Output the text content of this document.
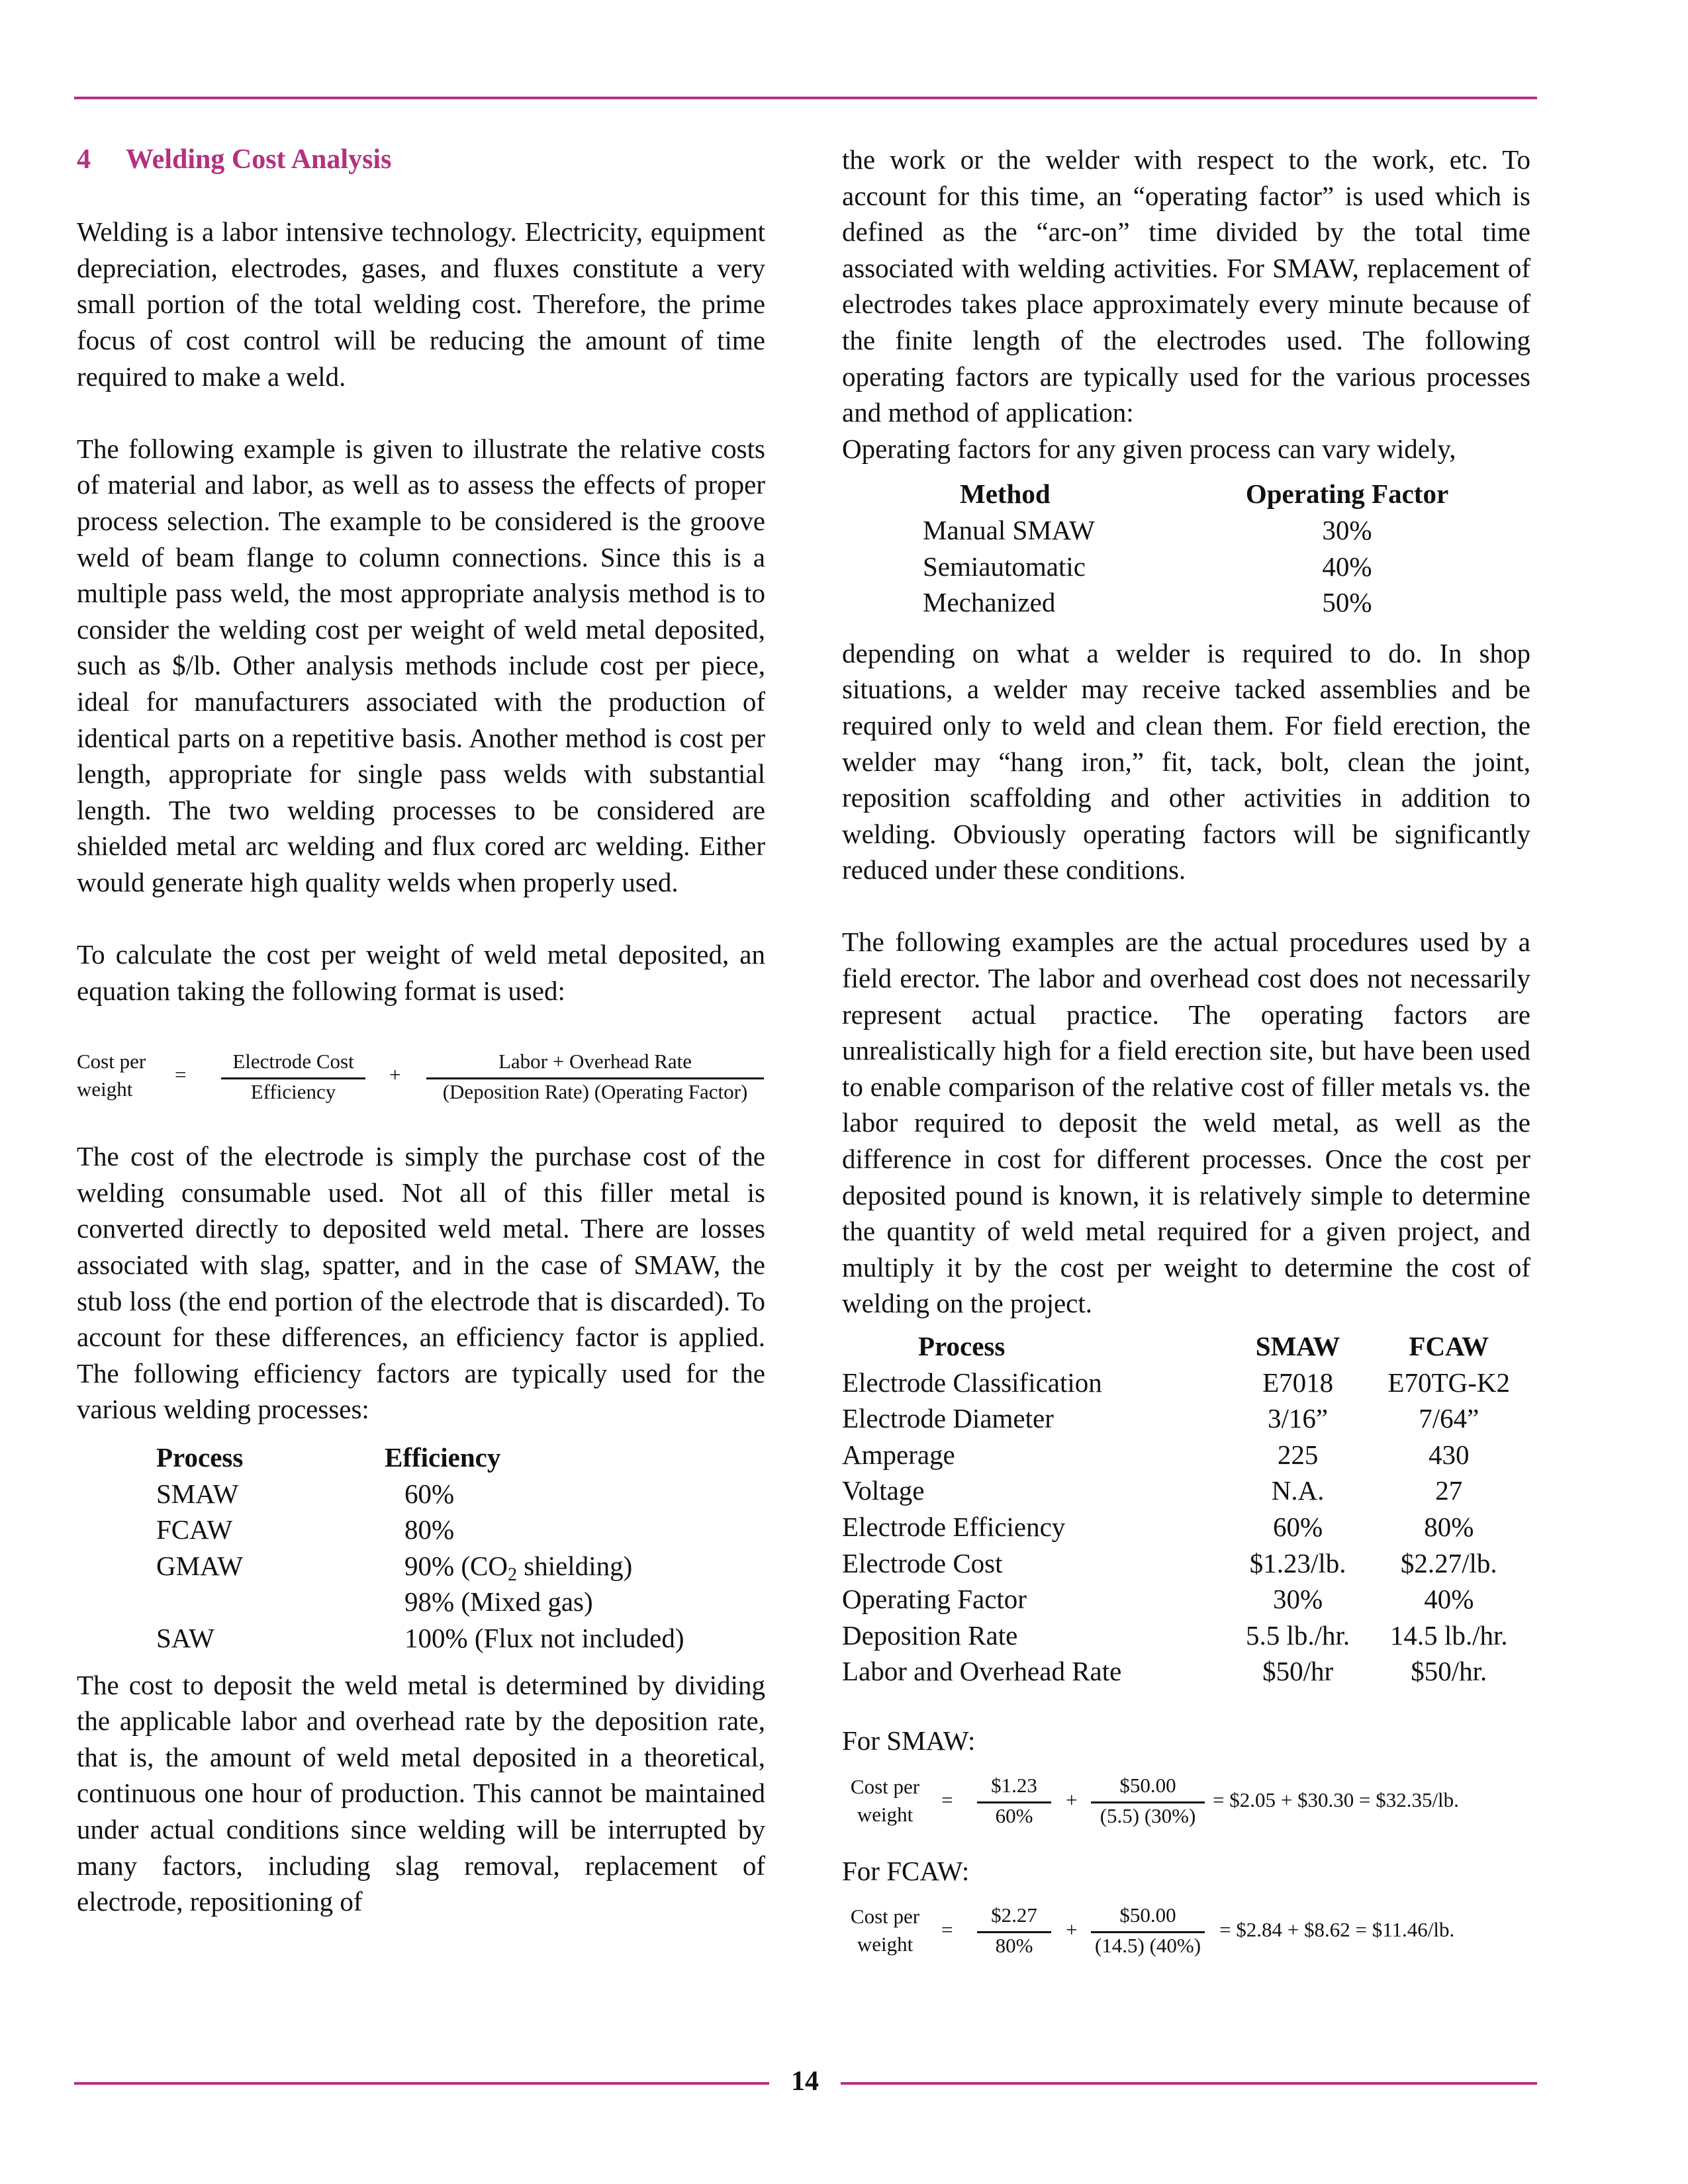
4 Welding Cost Analysis

Welding is a labor intensive technology. Electricity, equipment depreciation, electrodes, gases, and fluxes constitute a very small portion of the total welding cost. Therefore, the prime focus of cost control will be reducing the amount of time required to make a weld.

The following example is given to illustrate the relative costs of material and labor, as well as to assess the effects of proper process selection. The example to be considered is the groove weld of beam flange to column connections. Since this is a multiple pass weld, the most appropriate analysis method is to consider the welding cost per weight of weld metal deposited, such as $/lb. Other analysis methods include cost per piece, ideal for manufacturers associated with the production of identical parts on a repetitive basis. Another method is cost per length, appropriate for single pass welds with substantial length. The two welding processes to be considered are shielded metal arc welding and flux cored arc welding. Either would generate high quality welds when properly used.

To calculate the cost per weight of weld metal deposited, an equation taking the following format is used:

Cost per
weight
=
Electrode Cost
Efficiency
+
Labor + Overhead Rate
(Deposition Rate) (Operating Factor)

The cost of the electrode is simply the purchase cost of the welding consumable used. Not all of this filler metal is converted directly to deposited weld metal. There are losses associated with slag, spatter, and in the case of SMAW, the stub loss (the end portion of the electrode that is discarded). To account for these differences, an efficiency factor is applied. The following efficiency factors are typically used for the various welding processes:

Process	Efficiency
SMAW	60%
FCAW	80%
GMAW	90% ($CO_2$ shielding)
	98% (Mixed gas)
SAW	100% (Flux not included)

The cost to deposit the weld metal is determined by dividing the applicable labor and overhead rate by the deposition rate, that is, the amount of weld metal deposited in a theoretical, continuous one hour of production. This cannot be maintained under actual conditions since welding will be interrupted by many factors, including slag removal, replacement of electrode, repositioning of

the work or the welder with respect to the work, etc. To account for this time, an “operating factor” is used which is defined as the “arc-on” time divided by the total time associated with welding activities. For SMAW, replacement of electrodes takes place approximately every minute because of the finite length of the electrodes used. The following operating factors are typically used for the various processes and method of application:

Operating factors for any given process can vary widely,

Method	Operating Factor
Manual SMAW	30%
Semiautomatic	40%
Mechanized	50%

depending on what a welder is required to do. In shop situations, a welder may receive tacked assemblies and be required only to weld and clean them. For field erection, the welder may “hang iron,” fit, tack, bolt, clean the joint, reposition scaffolding and other activities in addition to welding. Obviously operating factors will be significantly reduced under these conditions.

The following examples are the actual procedures used by a field erector. The labor and overhead cost does not necessarily represent actual practice. The operating factors are unrealistically high for a field erection site, but have been used to enable comparison of the relative cost of filler metals vs. the labor required to deposit the weld metal, as well as the difference in cost for different processes. Once the cost per deposited pound is known, it is relatively simple to determine the quantity of weld metal required for a given project, and multiply it by the cost per weight to determine the cost of welding on the project.

Process	SMAW	FCAW
Electrode Classification	E7018	E70TG-K2
Electrode Diameter	3/16”	7/64”
Amperage	225	430
Voltage	N.A.	27
Electrode Efficiency	60%	80%
Electrode Cost	$1.23/lb.	$2.27/lb.
Operating Factor	30%	40%
Deposition Rate	5.5 lb./hr.	14.5 lb./hr.
Labor and Overhead Rate	$50/hr	$50/hr.

For SMAW:

Cost per
weight
=
$1.23
60%
+
$50.00
(5.5) (30%)
= $2.05 + $30.30 = $32.35/lb.

For FCAW:

Cost per
weight
=
$2.27
80%
+
$50.00
(14.5) (40%)
= $2.84 + $8.62 = $11.46/lb.
14
